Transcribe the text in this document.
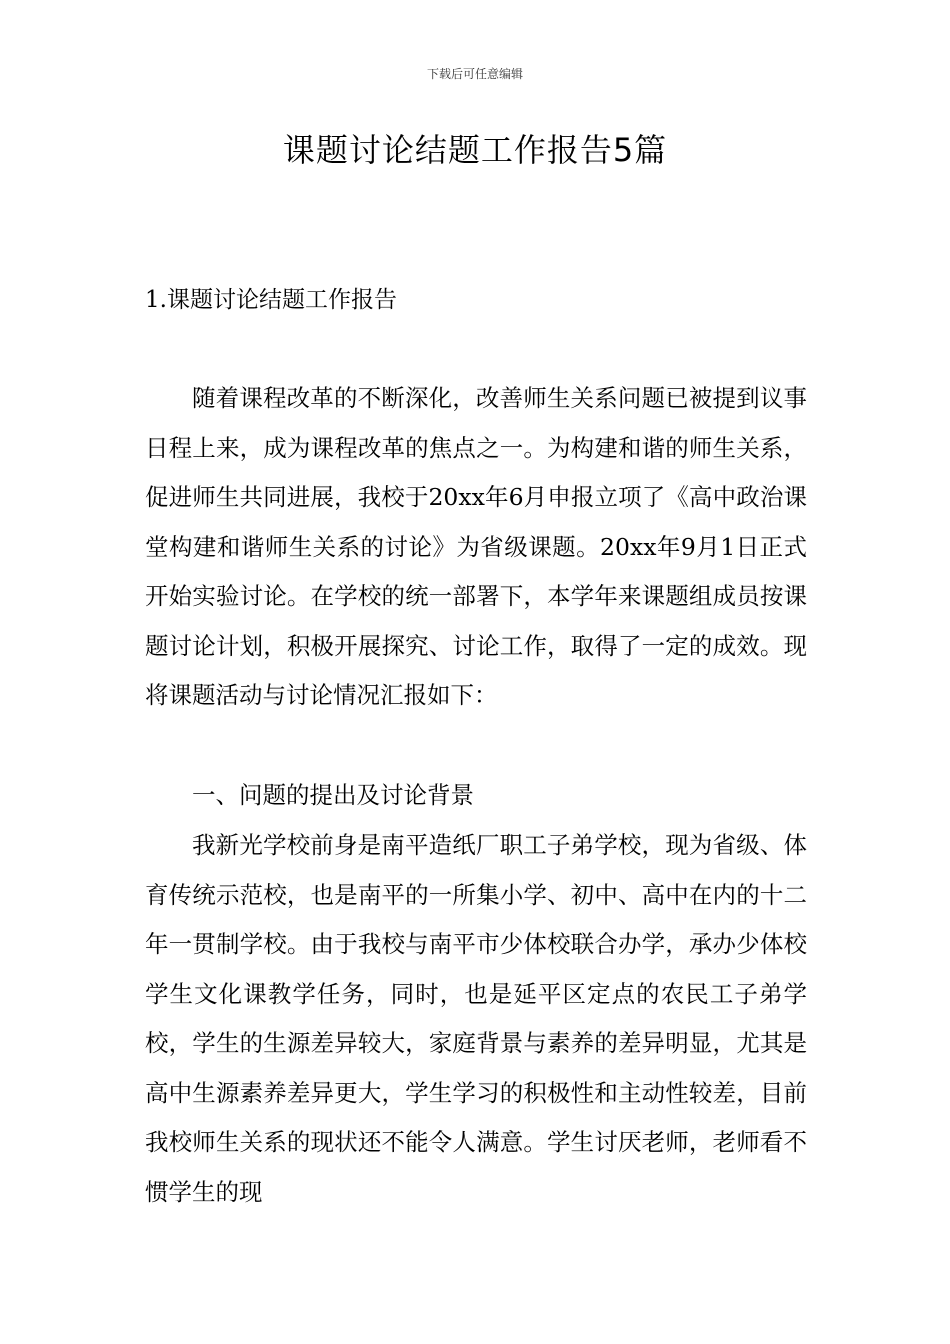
下载后可任意编辑
课题讨论结题工作报告5篇
1.课题讨论结题工作报告

随着课程改革的不断深化，改善师生关系问题已被提到议事日程上来，成为课程改革的焦点之一。为构建和谐的师生关系，促进师生共同进展，我校于20xx年6月申报立项了《高中政治课堂构建和谐师生关系的讨论》为省级课题。20xx年9月1日正式开始实验讨论。在学校的统一部署下，本学年来课题组成员按课题讨论计划，积极开展探究、讨论工作，取得了一定的成效。现将课题活动与讨论情况汇报如下：

一、问题的提出及讨论背景

我新光学校前身是南平造纸厂职工子弟学校，现为省级、体育传统示范校，也是南平的一所集小学、初中、高中在内的十二年一贯制学校。由于我校与南平市少体校联合办学，承办少体校学生文化课教学任务，同时，也是延平区定点的农民工子弟学校，学生的生源差异较大，家庭背景与素养的差异明显，尤其是高中生源素养差异更大，学生学习的积极性和主动性较差，目前我校师生关系的现状还不能令人满意。学生讨厌老师，老师看不惯学生的现
